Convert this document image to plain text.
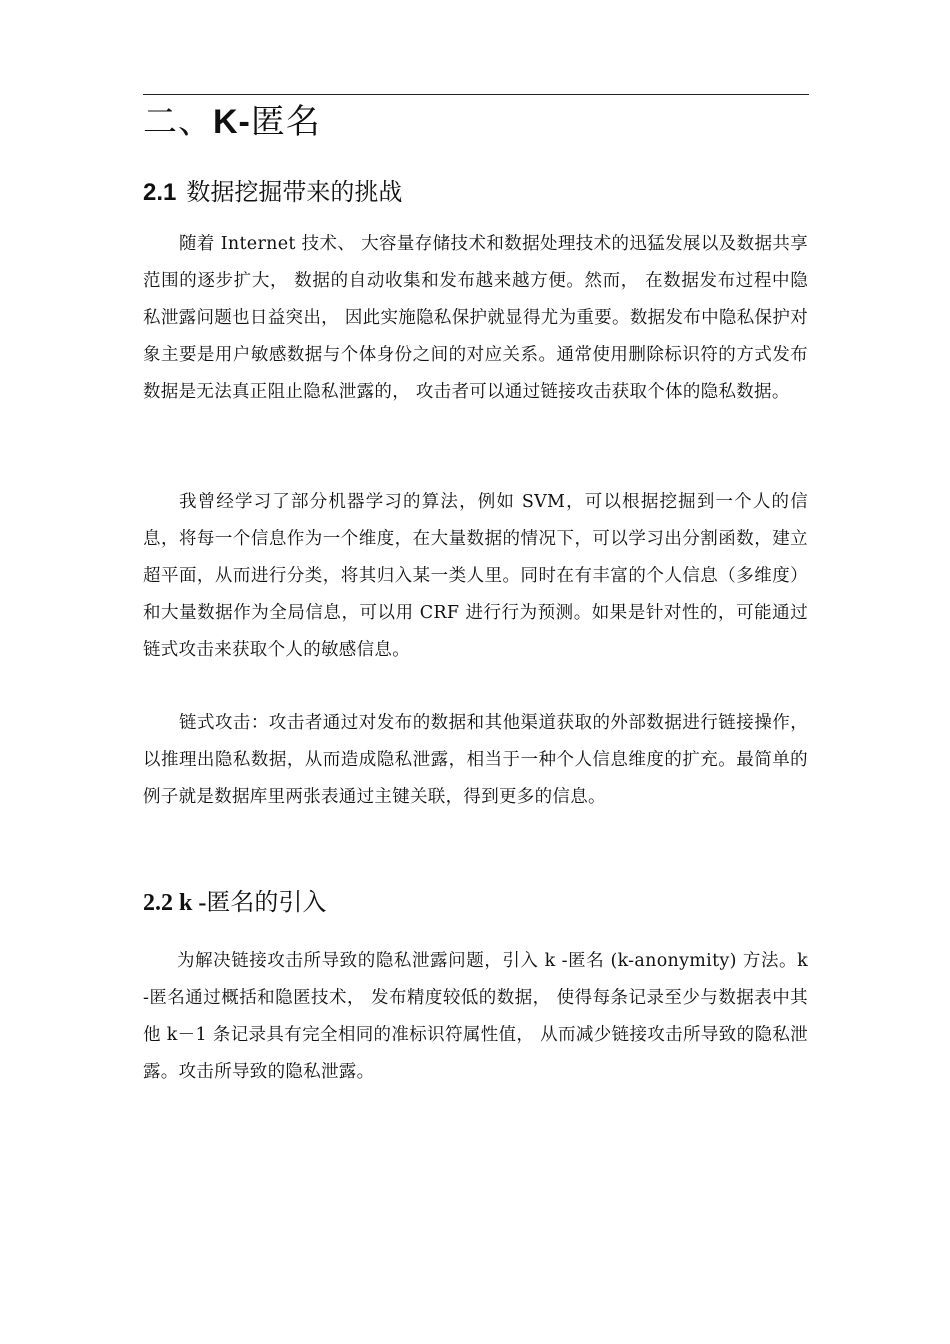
二、K-匿名
2.1 数据挖掘带来的挑战

随着 Internet 技术、 大容量存储技术和数据处理技术的迅猛发展以及数据共享范围的逐步扩大， 数据的自动收集和发布越来越方便。然而， 在数据发布过程中隐私泄露问题也日益突出， 因此实施隐私保护就显得尤为重要。数据发布中隐私保护对象主要是用户敏感数据与个体身份之间的对应关系。通常使用删除标识符的方式发布数据是无法真正阻止隐私泄露的， 攻击者可以通过链接攻击获取个体的隐私数据。

我曾经学习了部分机器学习的算法，例如 SVM，可以根据挖掘到一个人的信息，将每一个信息作为一个维度，在大量数据的情况下，可以学习出分割函数，建立超平面，从而进行分类，将其归入某一类人里。同时在有丰富的个人信息（多维度）和大量数据作为全局信息，可以用 CRF 进行行为预测。如果是针对性的，可能通过链式攻击来获取个人的敏感信息。

链式攻击：攻击者通过对发布的数据和其他渠道获取的外部数据进行链接操作，以推理出隐私数据，从而造成隐私泄露，相当于一种个人信息维度的扩充。最简单的例子就是数据库里两张表通过主键关联，得到更多的信息。

2.2 k -匿名的引入

为解决链接攻击所导致的隐私泄露问题，引入 k -匿名 (k-anonymity) 方法。k -匿名通过概括和隐匿技术， 发布精度较低的数据， 使得每条记录至少与数据表中其他 k－1 条记录具有完全相同的准标识符属性值， 从而减少链接攻击所导致的隐私泄露。攻击所导致的隐私泄露。
